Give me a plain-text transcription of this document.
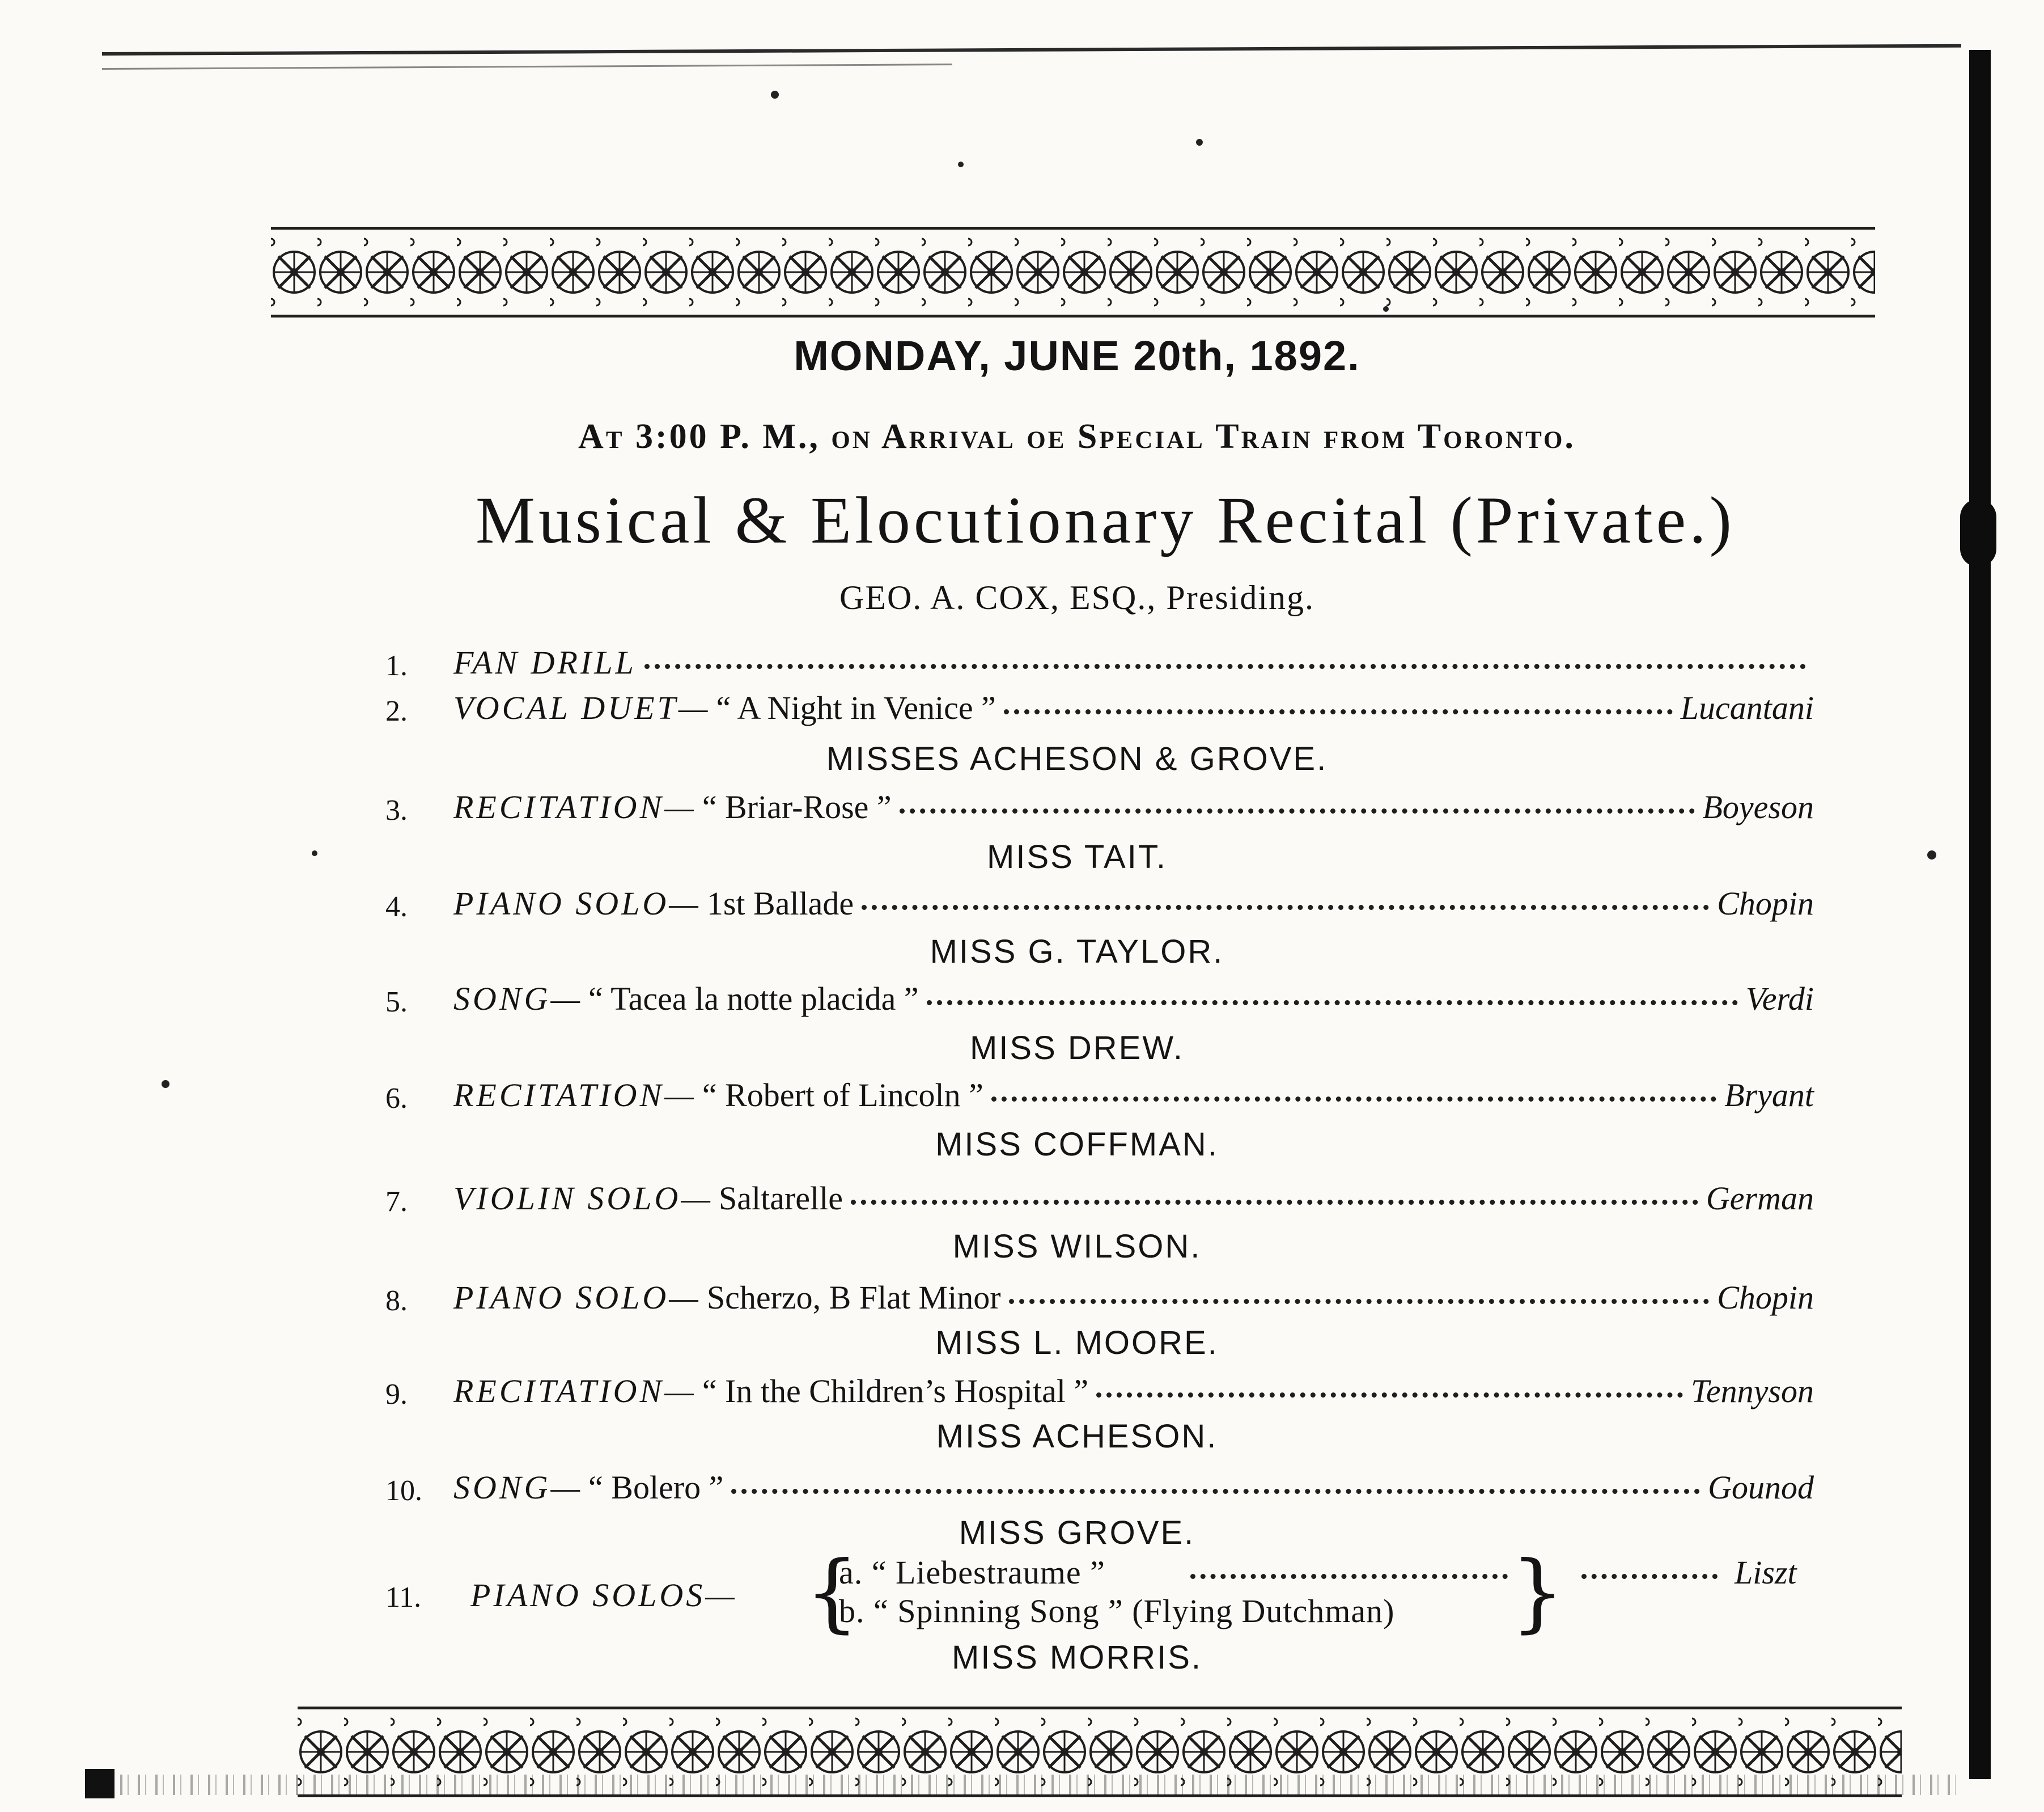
MONDAY, JUNE 20th, 1892.
At 3:00 P. M., on Arrival oe Special Train from Toronto.
Musical & Elocutionary Recital (Private.)
GEO. A. COX, ESQ., Presiding.
1.	FAN DRILL
2.	VOCAL DUET— “ A Night in Venice ”	Lucantani
MISSES ACHESON & GROVE.
3.	RECITATION— “ Briar-Rose ”	Boyeson
MISS TAIT.
4.	PIANO SOLO— 1st Ballade	Chopin
MISS G. TAYLOR.
5.	SONG— “ Tacea la notte placida ”	Verdi
MISS DREW.
6.	RECITATION— “ Robert of Lincoln ”	Bryant
MISS COFFMAN.
7.	VIOLIN SOLO— Saltarelle	German
MISS WILSON.
8.	PIANO SOLO— Scherzo, B Flat Minor	Chopin
MISS L. MOORE.
9.	RECITATION— “ In the Children’s Hospital ”	Tennyson
MISS ACHESON.
10. SONG— “ Bolero ”	Gounod
MISS GROVE.
11. PIANO SOLOS— {
a. “ Liebestraume ”
b. “ Spinning Song ” (Flying Dutchman) }	Liszt
MISS MORRIS.
